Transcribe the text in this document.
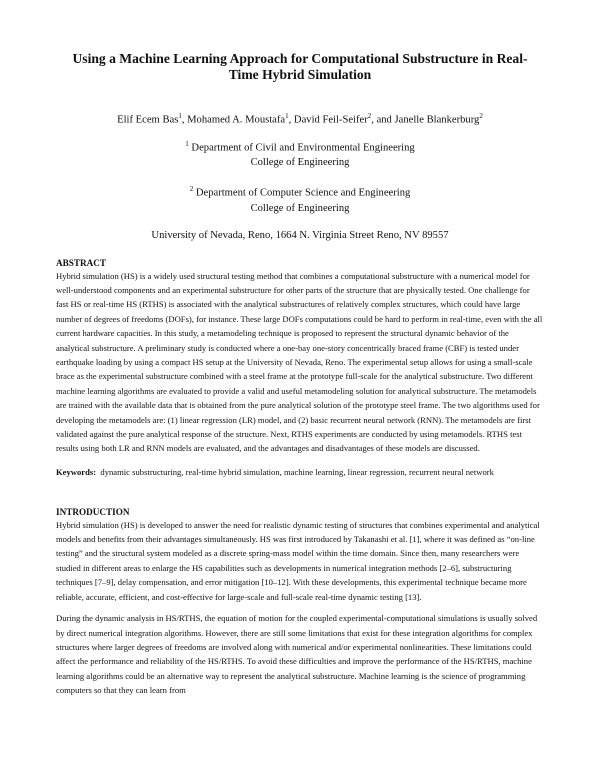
Using a Machine Learning Approach for Computational Substructure in Real-Time Hybrid Simulation
Elif Ecem Bas$^1$, Mohamed A. Moustafa$^1$, David Feil-Seifer$^2$, and Janelle Blankerburg$^2$
$^1$ Department of Civil and Environmental Engineering
College of Engineering
$^2$ Department of Computer Science and Engineering
College of Engineering
University of Nevada, Reno, 1664 N. Virginia Street Reno, NV 89557
ABSTRACT
Hybrid simulation (HS) is a widely used structural testing method that combines a computational substructure with a numerical model for well-understood components and an experimental substructure for other parts of the structure that are physically tested. One challenge for fast HS or real-time HS (RTHS) is associated with the analytical substructures of relatively complex structures, which could have large number of degrees of freedoms (DOFs), for instance. These large DOFs computations could be hard to perform in real-time, even with the all current hardware capacities. In this study, a metamodeling technique is proposed to represent the structural dynamic behavior of the analytical substructure. A preliminary study is conducted where a one-bay one-story concentrically braced frame (CBF) is tested under earthquake loading by using a compact HS setup at the University of Nevada, Reno. The experimental setup allows for using a small-scale brace as the experimental substructure combined with a steel frame at the prototype full-scale for the analytical substructure. Two different machine learning algorithms are evaluated to provide a valid and useful metamodeling solution for analytical substructure. The metamodels are trained with the available data that is obtained from the pure analytical solution of the prototype steel frame. The two algorithms used for developing the metamodels are: (1) linear regression (LR) model, and (2) basic recurrent neural network (RNN). The metamodels are first validated against the pure analytical response of the structure. Next, RTHS experiments are conducted by using metamodels. RTHS test results using both LR and RNN models are evaluated, and the advantages and disadvantages of these models are discussed.
Keywords: dynamic substructuring, real-time hybrid simulation, machine learning, linear regression, recurrent neural network
INTRODUCTION
Hybrid simulation (HS) is developed to answer the need for realistic dynamic testing of structures that combines experimental and analytical models and benefits from their advantages simultaneously. HS was first introduced by Takanashi et al. [1], where it was defined as “on-line testing” and the structural system modeled as a discrete spring-mass model within the time domain. Since then, many researchers were studied in different areas to enlarge the HS capabilities such as developments in numerical integration methods [2–6], substructuring techniques [7–9], delay compensation, and error mitigation [10–12]. With these developments, this experimental technique became more reliable, accurate, efficient, and cost-effective for large-scale and full-scale real-time dynamic testing [13].
During the dynamic analysis in HS/RTHS, the equation of motion for the coupled experimental-computational simulations is usually solved by direct numerical integration algorithms. However, there are still some limitations that exist for these integration algorithms for complex structures where larger degrees of freedoms are involved along with numerical and/or experimental nonlinearities. These limitations could affect the performance and reliability of the HS/RTHS. To avoid these difficulties and improve the performance of the HS/RTHS, machine learning algorithms could be an alternative way to represent the analytical substructure. Machine learning is the science of programming computers so that they can learn from
